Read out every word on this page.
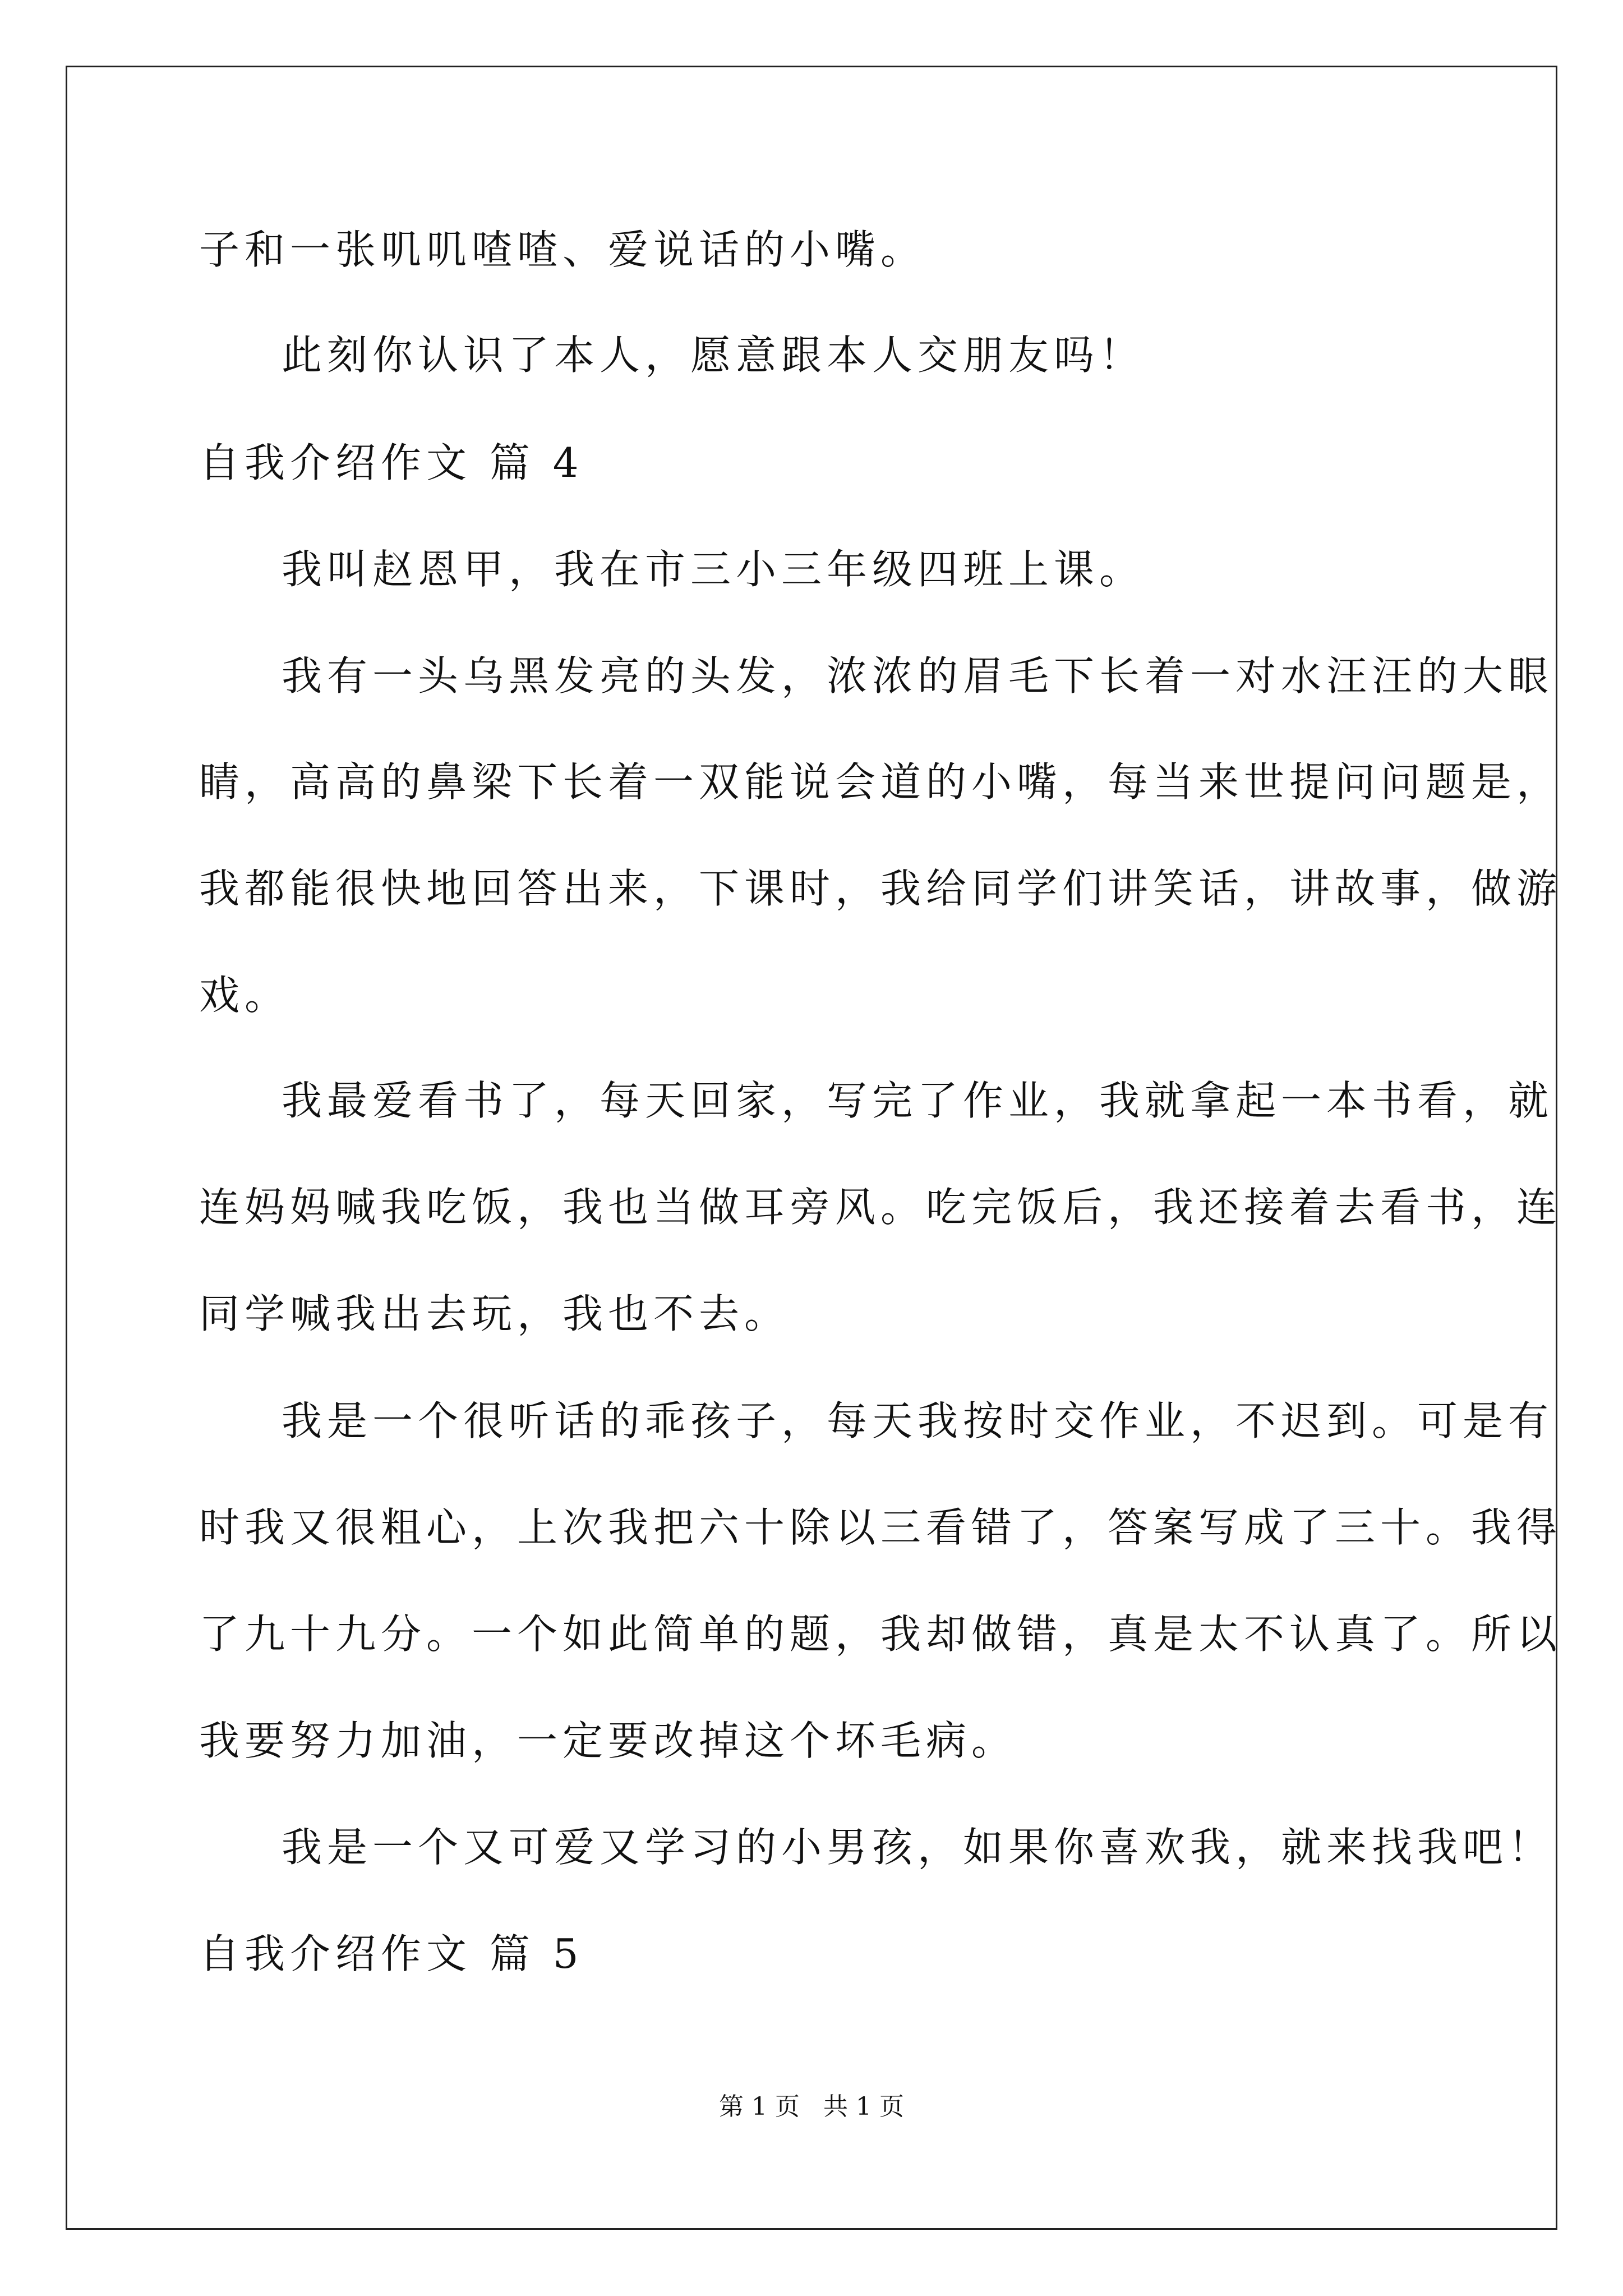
子和一张叽叽喳喳、爱说话的小嘴。
此刻你认识了本人，愿意跟本人交朋友吗！
自我介绍作文 篇 4
我叫赵恩甲，我在市三小三年级四班上课。
我有一头乌黑发亮的头发，浓浓的眉毛下长着一对水汪汪的大眼
睛，高高的鼻梁下长着一双能说会道的小嘴，每当来世提问问题是，
我都能很快地回答出来，下课时，我给同学们讲笑话，讲故事，做游
戏。
我最爱看书了，每天回家，写完了作业，我就拿起一本书看，就
连妈妈喊我吃饭，我也当做耳旁风。吃完饭后，我还接着去看书，连
同学喊我出去玩，我也不去。
我是一个很听话的乖孩子，每天我按时交作业，不迟到。可是有
时我又很粗心，上次我把六十除以三看错了，答案写成了三十。我得
了九十九分。一个如此简单的题，我却做错，真是太不认真了。所以
我要努力加油，一定要改掉这个坏毛病。
我是一个又可爱又学习的小男孩，如果你喜欢我，就来找我吧！
自我介绍作文 篇 5
第 1 页   共 1 页
